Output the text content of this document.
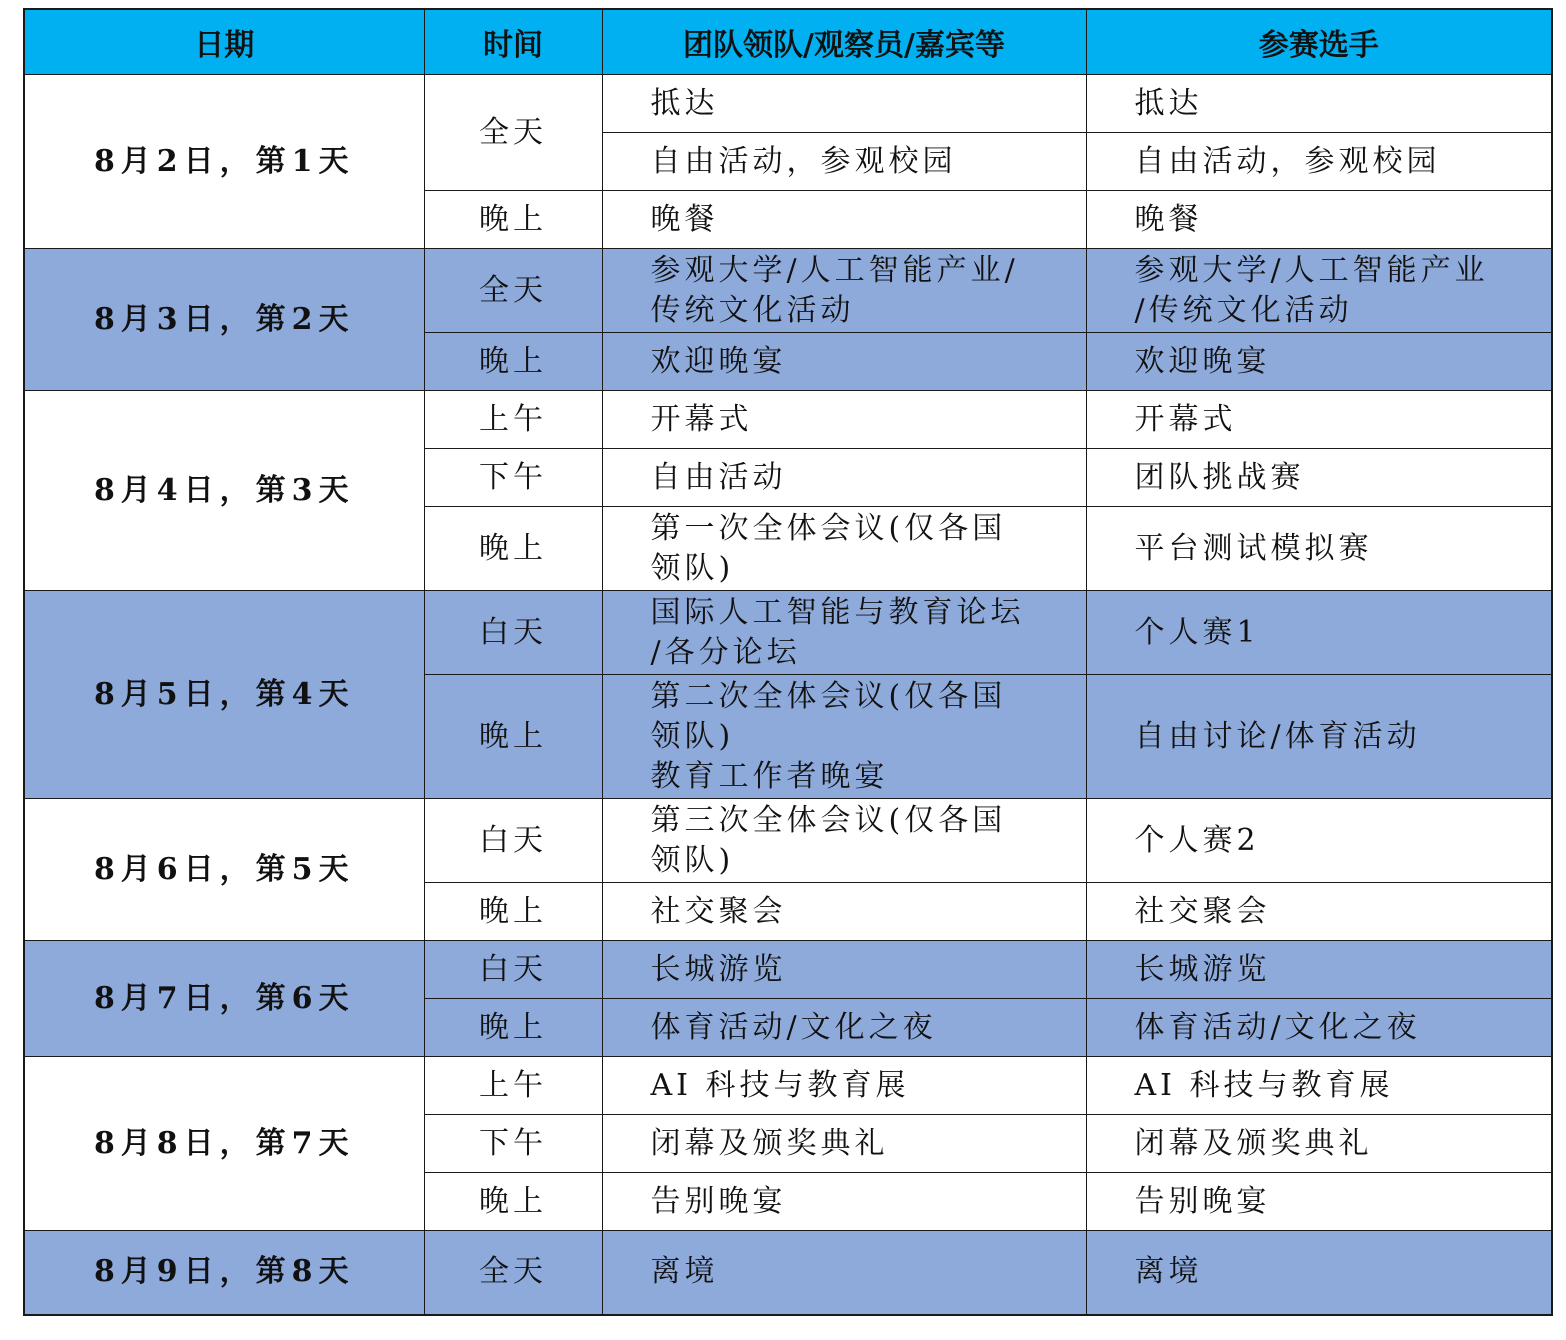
日期	时间	团队领队/观察员/嘉宾等	参赛选手
8月2日，第1天	全天	抵达	抵达

		自由活动，参观校园	自由活动，参观校园

	晚上	晚餐	晚餐

8月3日，第2天	全天	参观大学/人工智能产业/
传统文化活动	参观大学/人工智能产业
/传统文化活动

	晚上	欢迎晚宴	欢迎晚宴

8月4日，第3天	上午	开幕式	开幕式

	下午	自由活动	团队挑战赛

	晚上	第一次全体会议(仅各国
领队)	平台测试模拟赛

8月5日，第4天	白天	国际人工智能与教育论坛
/各分论坛	个人赛1

	晚上	第二次全体会议(仅各国
领队)
教育工作者晚宴	自由讨论/体育活动

8月6日，第5天	白天	第三次全体会议(仅各国
领队)	个人赛2

	晚上	社交聚会	社交聚会

8月7日，第6天	白天	长城游览	长城游览

	晚上	体育活动/文化之夜	体育活动/文化之夜

8月8日，第7天	上午	AI 科技与教育展	AI 科技与教育展

	下午	闭幕及颁奖典礼	闭幕及颁奖典礼

	晚上	告别晚宴	告别晚宴

8月9日，第8天	全天	离境	离境
